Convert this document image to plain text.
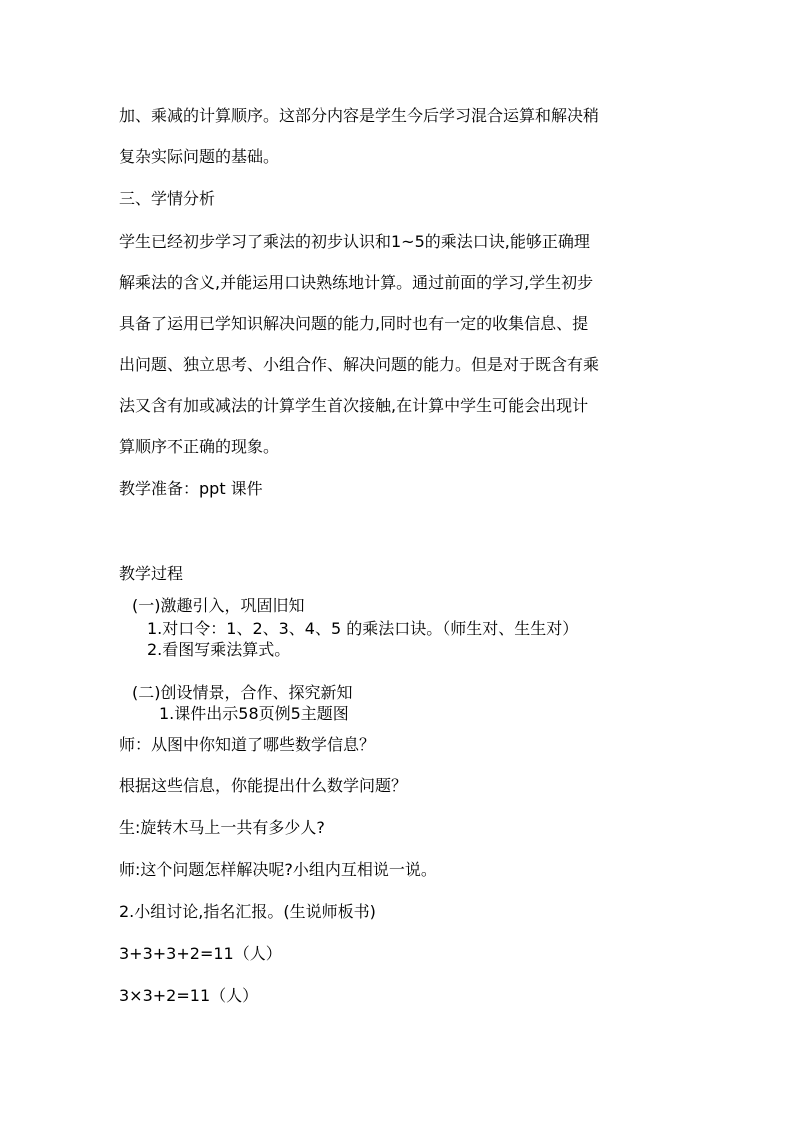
加、乘减的计算顺序。这部分内容是学生今后学习混合运算和解决稍
复杂实际问题的基础。
三、学情分析
学生已经初步学习了乘法的初步认识和1~5的乘法口诀,能够正确理
解乘法的含义,并能运用口诀熟练地计算。通过前面的学习,学生初步
具备了运用已学知识解决问题的能力,同时也有一定的收集信息、提
出问题、独立思考、小组合作、解决问题的能力。但是对于既含有乘
法又含有加或减法的计算学生首次接触,在计算中学生可能会出现计
算顺序不正确的现象。
教学准备：ppt 课件
教学过程
(一)激趣引入，巩固旧知
1.对口令：1、2、3、4、5 的乘法口诀。（师生对、生生对）
2.看图写乘法算式。
(二)创设情景，合作、探究新知
1.课件出示58页例5主题图
师：从图中你知道了哪些数学信息？
根据这些信息，你能提出什么数学问题？
生:旋转木马上一共有多少人?
师:这个问题怎样解决呢?小组内互相说一说。
2.小组讨论,指名汇报。(生说师板书)
3+3+3+2=11（人）
3×3+2=11（人）
